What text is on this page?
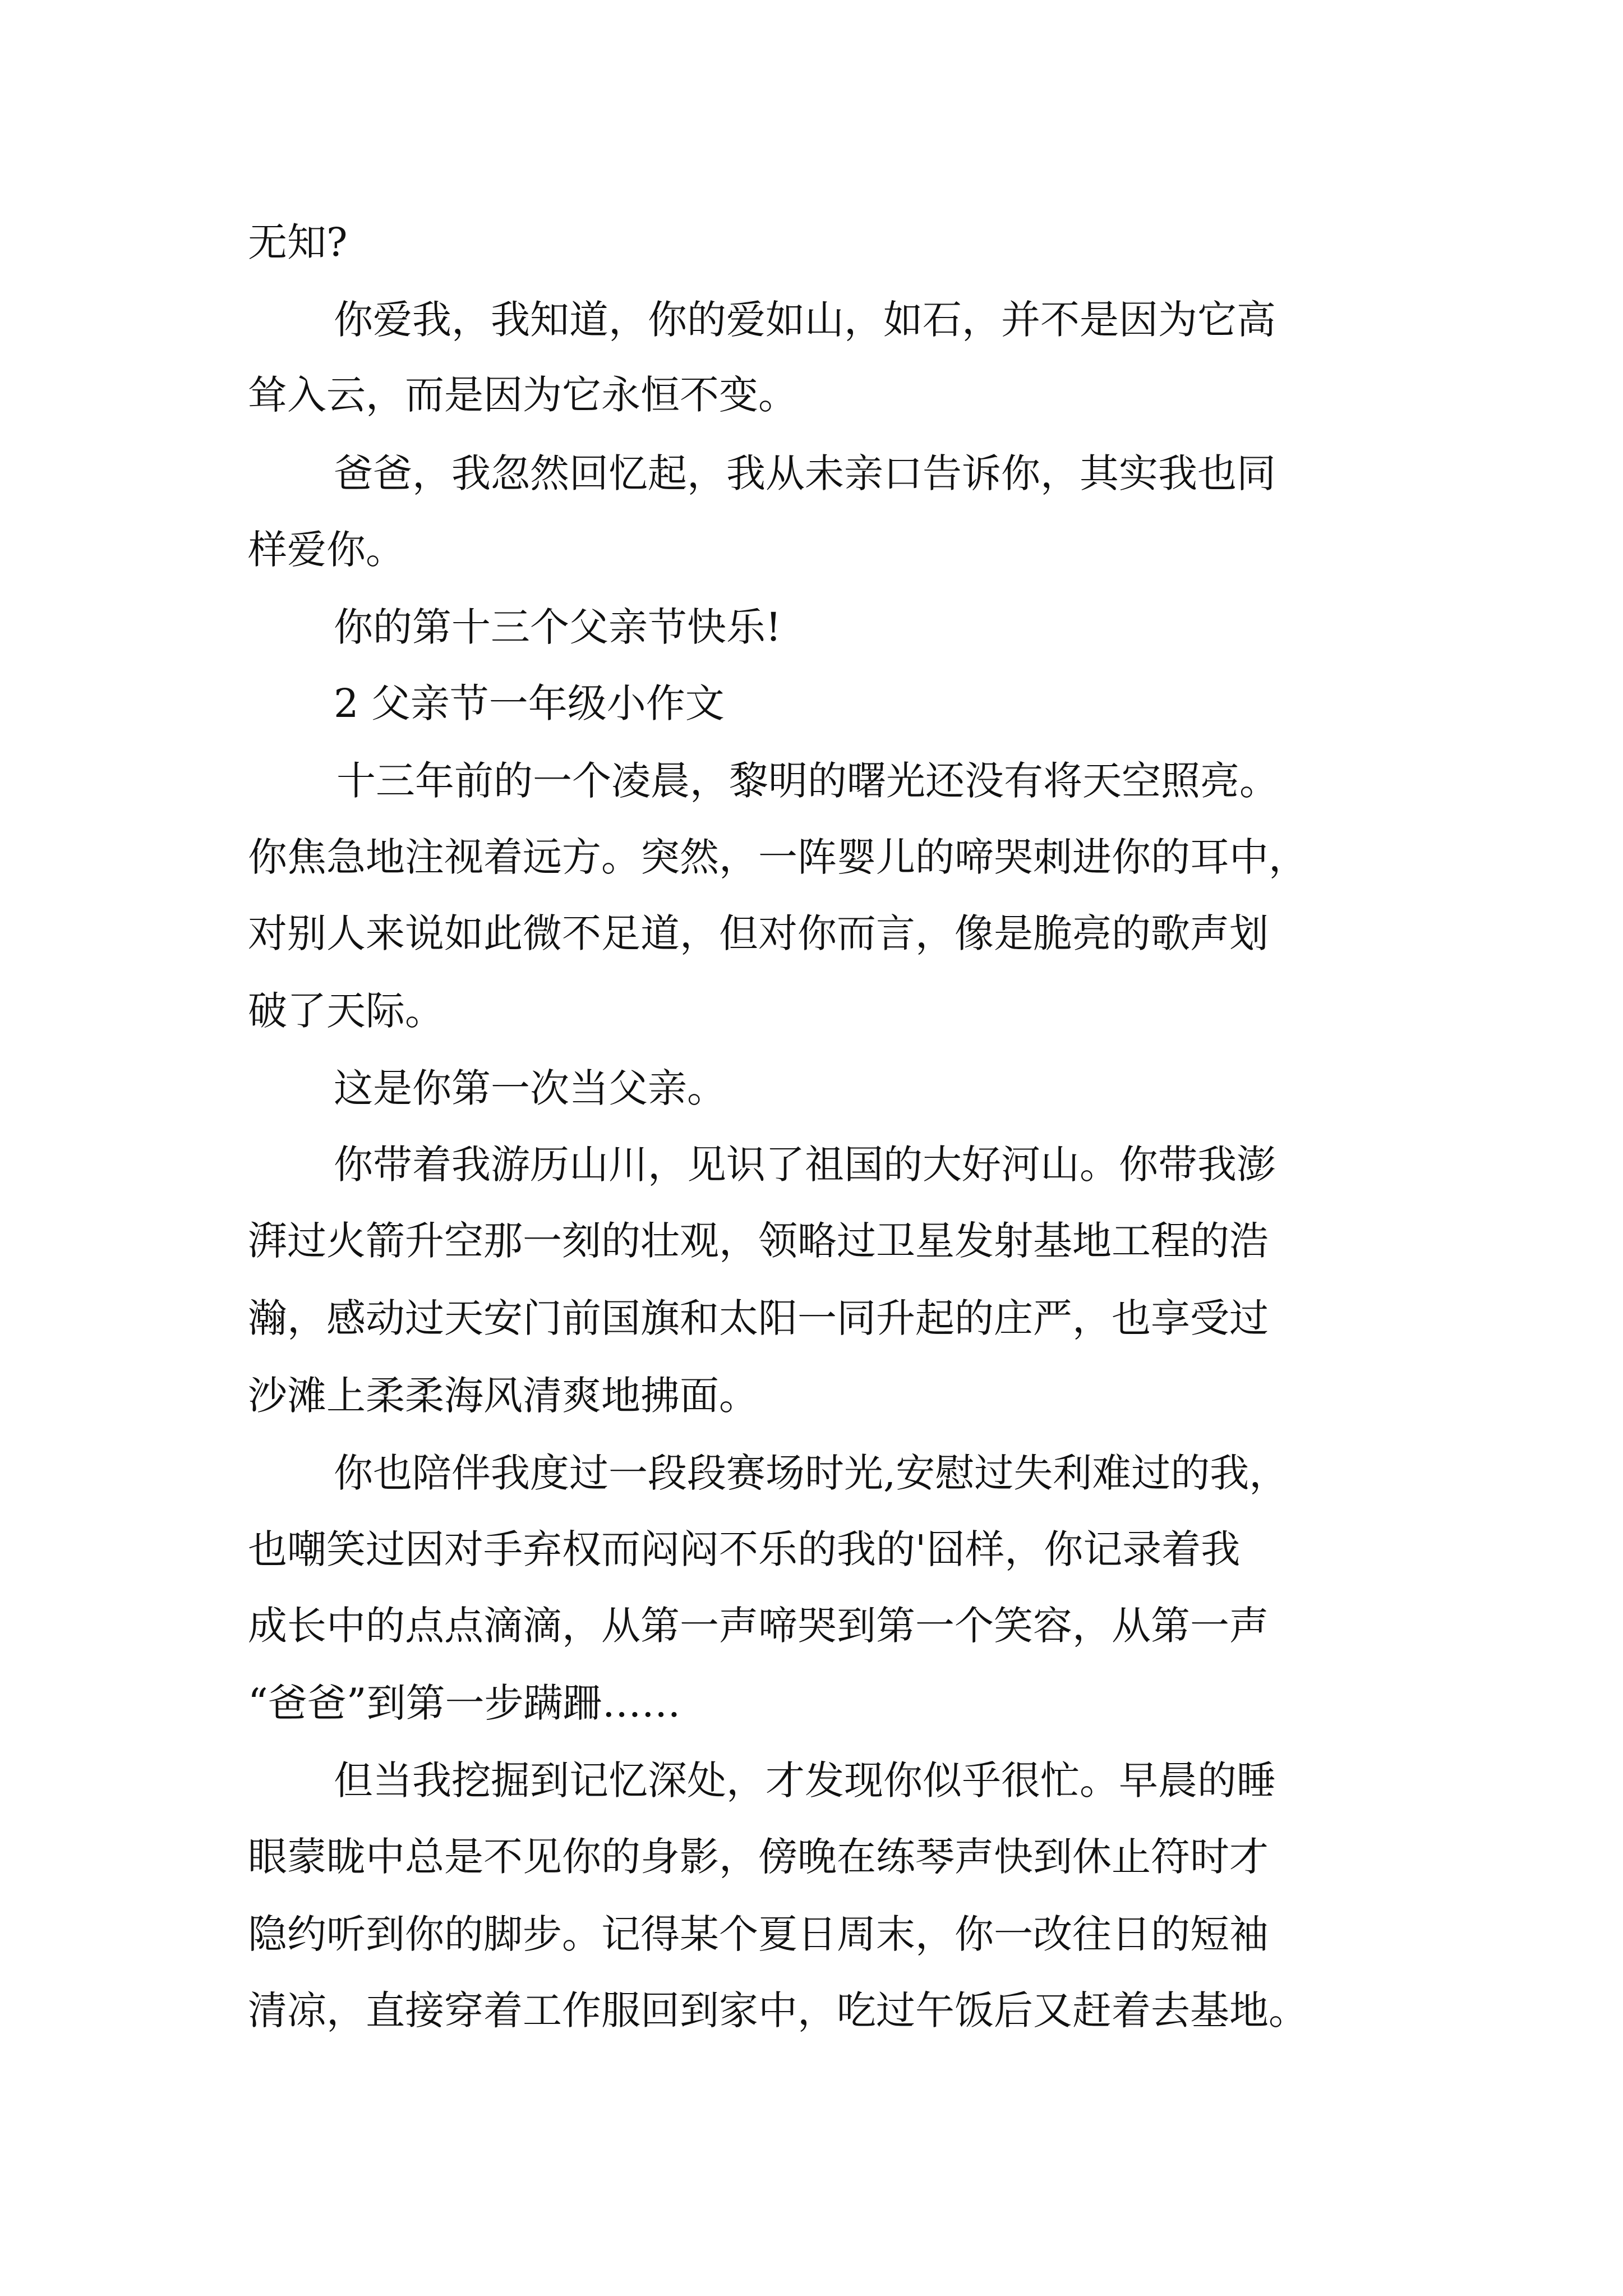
无知?

你爱我，我知道，你的爱如山，如石，并不是因为它高

耸入云，而是因为它永恒不变。

爸爸，我忽然回忆起，我从未亲口告诉你，其实我也同

样爱你。

你的第十三个父亲节快乐!

2 父亲节一年级小作文

十三年前的一个凌晨，黎明的曙光还没有将天空照亮。

你焦急地注视着远方。突然，一阵婴儿的啼哭刺进你的耳中，

对别人来说如此微不足道，但对你而言，像是脆亮的歌声划

破了天际。

这是你第一次当父亲。

你带着我游历山川，见识了祖国的大好河山。你带我澎

湃过火箭升空那一刻的壮观，领略过卫星发射基地工程的浩

瀚，感动过天安门前国旗和太阳一同升起的庄严，也享受过

沙滩上柔柔海风清爽地拂面。

你也陪伴我度过一段段赛场时光,安慰过失利难过的我，

也嘲笑过因对手弃权而闷闷不乐的我的'囧样，你记录着我

成长中的点点滴滴，从第一声啼哭到第一个笑容，从第一声

“爸爸”到第一步蹒跚……

但当我挖掘到记忆深处，才发现你似乎很忙。早晨的睡

眼蒙眬中总是不见你的身影，傍晚在练琴声快到休止符时才

隐约听到你的脚步。记得某个夏日周末，你一改往日的短袖

清凉，直接穿着工作服回到家中，吃过午饭后又赶着去基地。
